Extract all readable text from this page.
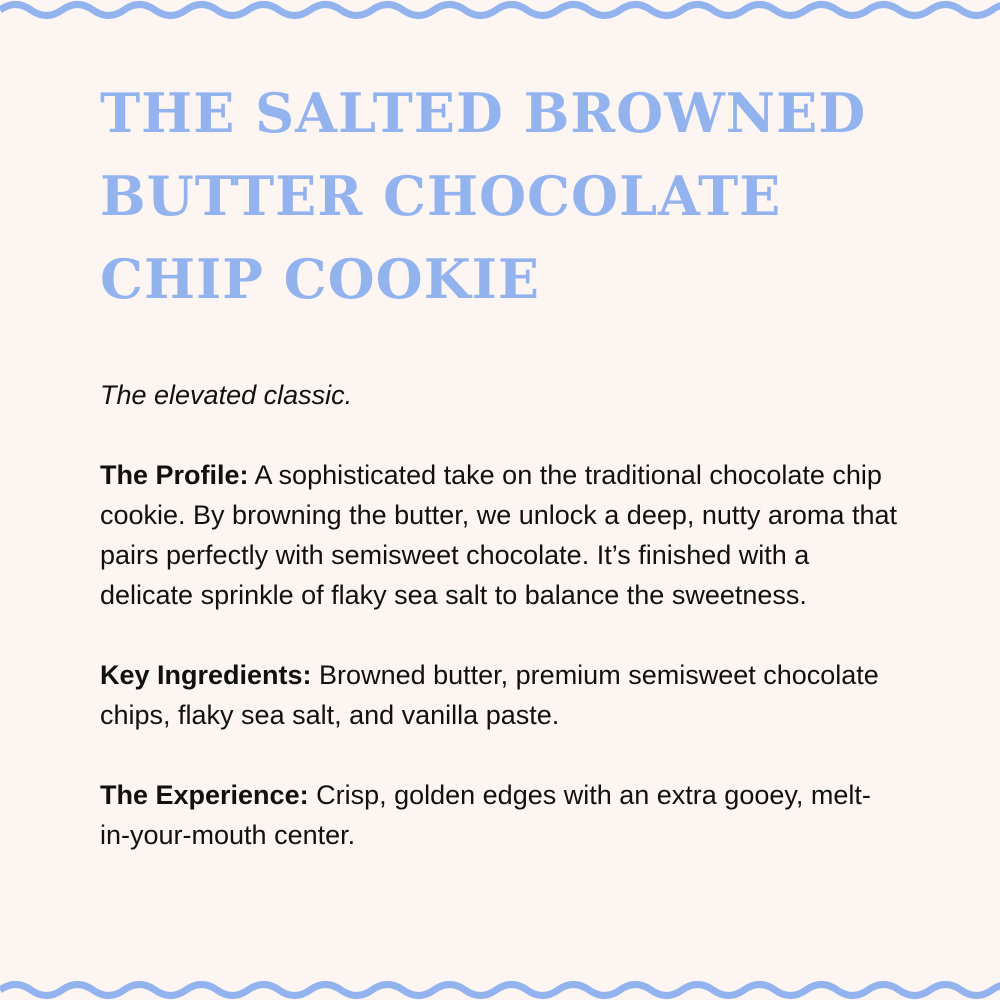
THE SALTED BROWNED BUTTER CHOCOLATE CHIP COOKIE

The elevated classic.

The Profile: A sophisticated take on the traditional chocolate chip cookie. By browning the butter, we unlock a deep, nutty aroma that pairs perfectly with semisweet chocolate. It’s finished with a delicate sprinkle of flaky sea salt to balance the sweetness.

Key Ingredients: Browned butter, premium semisweet chocolate chips, flaky sea salt, and vanilla paste.

The Experience: Crisp, golden edges with an extra gooey, melt-in-your-mouth center.
